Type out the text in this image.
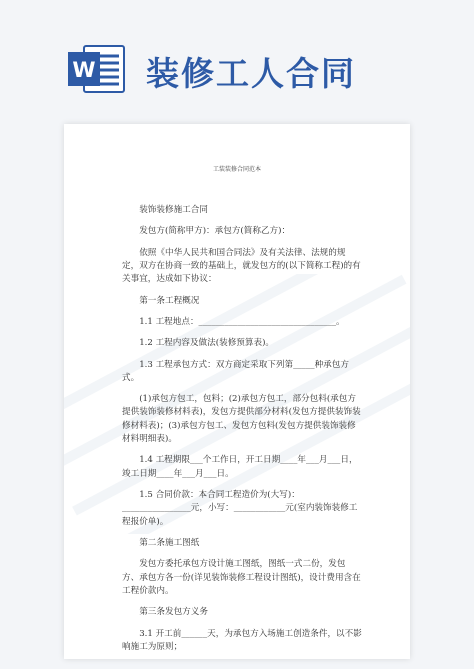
W 装修工人合同
工装装修合同范本

装饰装修施工合同

发包方(简称甲方)：承包方(简称乙方)：

依照《中华人民共和国合同法》及有关法律、法规的规定，双方在协商一致的基础上，就发包方的(以下简称工程)的有关事宜，达成如下协议：

第一条工程概况

1.1 工程地点：________________________________。

1.2 工程内容及做法(装修预算表)。

1.3 工程承包方式：双方商定采取下列第_____种承包方式。

(1)承包方包工，包料；(2)承包方包工，部分包料(承包方提供装饰装修材料表)，发包方提供部分材料(发包方提供装饰装修材料表)；(3)承包方包工、发包方包料(发包方提供装饰装修材料明细表)。

1.4 工程期限___个工作日，开工日期____年___月___日，竣工日期____年___月___日。

1.5 合同价款：本合同工程造价为(大写)：________________元，小写：____________元(室内装饰装修工程报价单)。

第二条施工图纸

发包方委托承包方设计施工图纸，图纸一式二份，发包方、承包方各一份(详见装饰装修工程设计图纸)，设计费用含在工程价款内。

第三条发包方义务

3.1 开工前______天，为承包方入场施工创造条件，以不影响施工为原则；
